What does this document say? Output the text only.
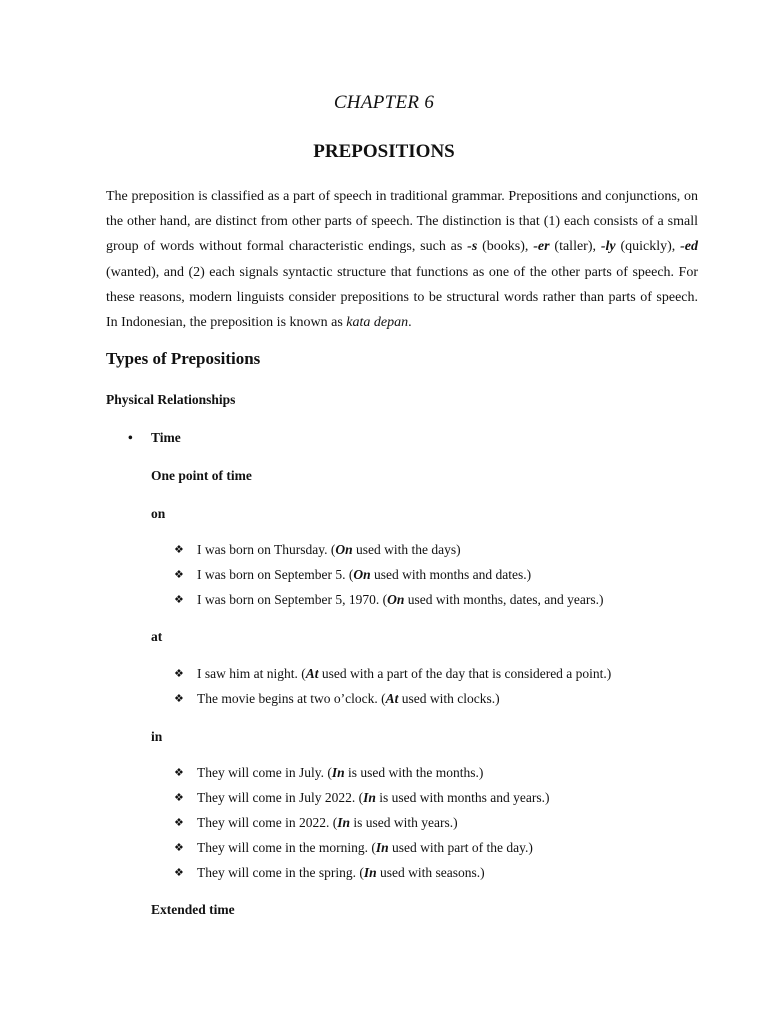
CHAPTER 6
PREPOSITIONS
The preposition is classified as a part of speech in traditional grammar. Prepositions and conjunctions, on the other hand, are distinct from other parts of speech. The distinction is that (1) each consists of a small group of words without formal characteristic endings, such as -s (books), -er (taller), -ly (quickly), -ed (wanted), and (2) each signals syntactic structure that functions as one of the other parts of speech. For these reasons, modern linguists consider prepositions to be structural words rather than parts of speech. In Indonesian, the preposition is known as kata depan.
Types of Prepositions
Physical Relationships
• Time
One point of time
on
❖ I was born on Thursday. (On used with the days)
❖ I was born on September 5. (On used with months and dates.)
❖ I was born on September 5, 1970. (On used with months, dates, and years.)
at
❖ I saw him at night. (At used with a part of the day that is considered a point.)
❖ The movie begins at two o’clock. (At used with clocks.)
in
❖ They will come in July. (In is used with the months.)
❖ They will come in July 2022. (In is used with months and years.)
❖ They will come in 2022. (In is used with years.)
❖ They will come in the morning. (In used with part of the day.)
❖ They will come in the spring. (In used with seasons.)
Extended time
